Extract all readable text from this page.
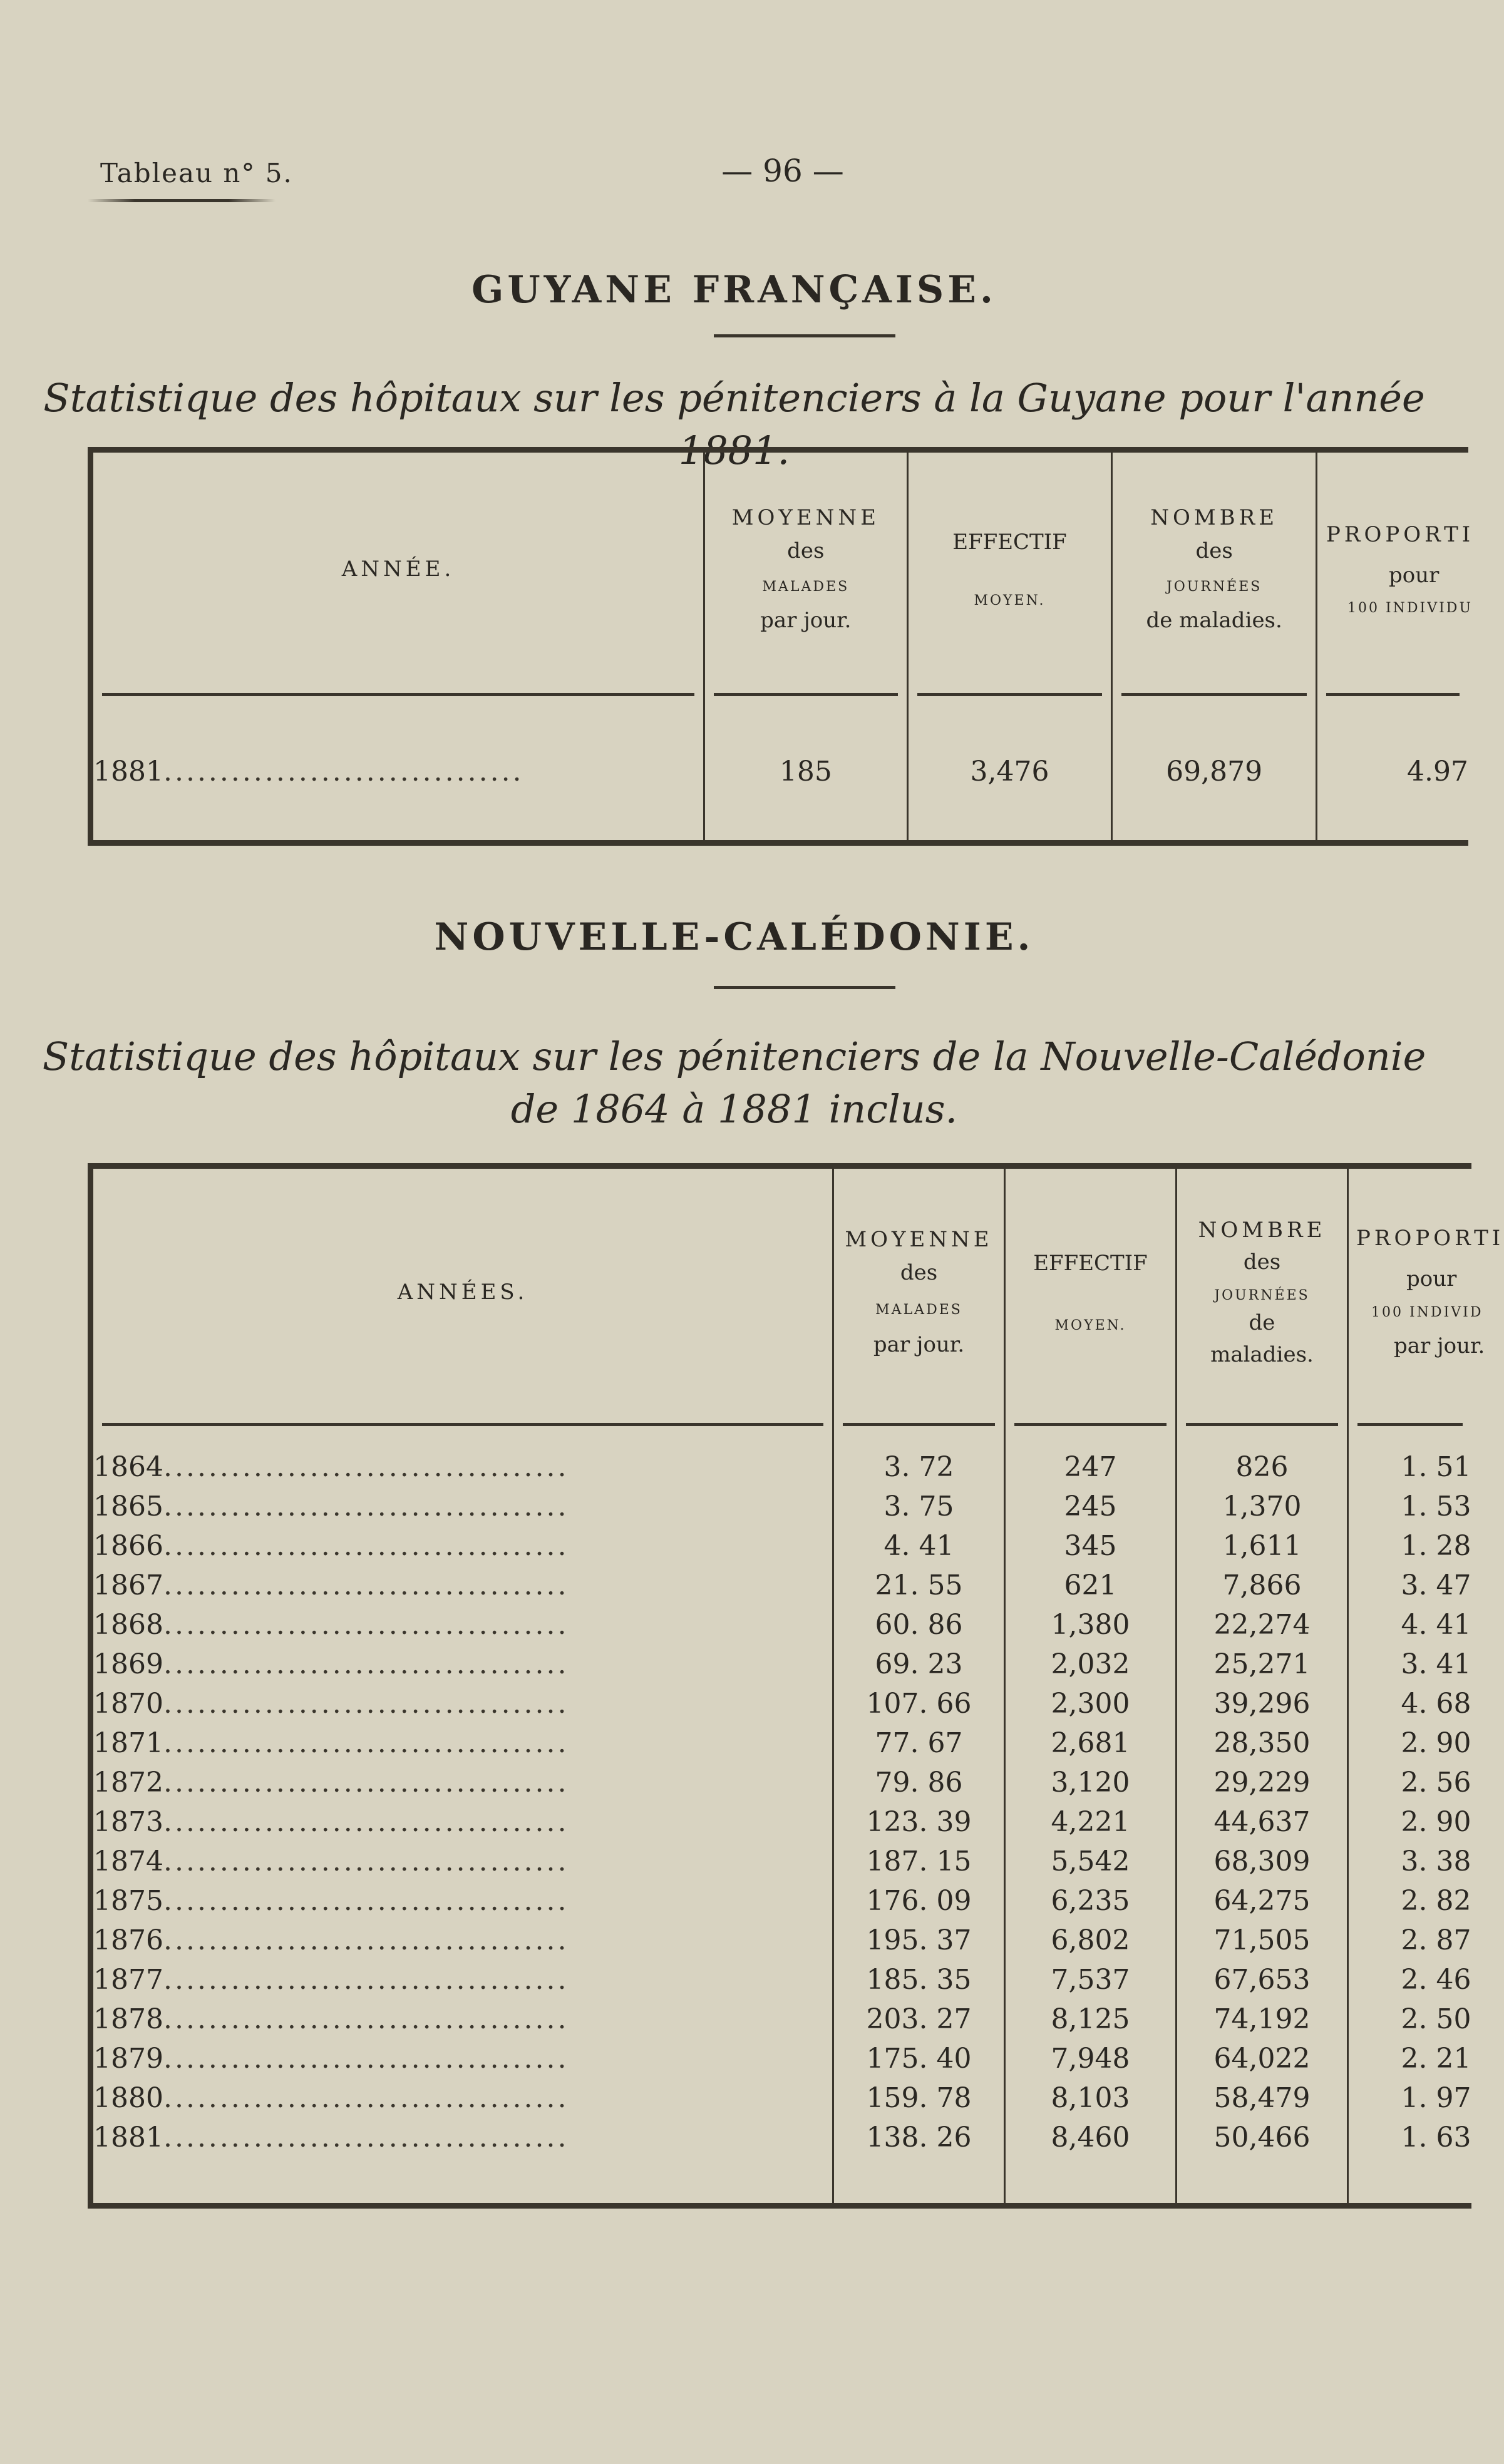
Tableau n° 5.	— 96 —
GUYANE FRANÇAISE.
Statistique des hôpitaux sur les pénitenciers à la Guyane pour l'année 1881.
ANNÉE.	MOYENNE
des
MALADES
par jour.	EFFECTIF
MOYEN.	NOMBRE
des
JOURNÉES
de maladies.	PROPORTI
pour
100 INDIVIDU

1881................................	185	3,476	69,879	4.97
NOUVELLE-CALÉDONIE.
Statistique des hôpitaux sur les pénitenciers de la Nouvelle-Calédonie
de 1864 à 1881 inclus.
ANNÉES.	MOYENNE
des
MALADES
par jour.	EFFECTIF
MOYEN.	NOMBRE
des
JOURNÉES
de
maladies.	PROPORTI
pour
100 INDIVID
par jour.

1864....................................	3. 72	247	826	1. 51
1865....................................	3. 75	245	1,370	1. 53
1866....................................	4. 41	345	1,611	1. 28
1867....................................	21. 55	621	7,866	3. 47
1868....................................	60. 86	1,380	22,274	4. 41
1869....................................	69. 23	2,032	25,271	3. 41
1870....................................	107. 66	2,300	39,296	4. 68
1871....................................	77. 67	2,681	28,350	2. 90
1872....................................	79. 86	3,120	29,229	2. 56
1873....................................	123. 39	4,221	44,637	2. 90
1874....................................	187. 15	5,542	68,309	3. 38
1875....................................	176. 09	6,235	64,275	2. 82
1876....................................	195. 37	6,802	71,505	2. 87
1877....................................	185. 35	7,537	67,653	2. 46
1878....................................	203. 27	8,125	74,192	2. 50
1879....................................	175. 40	7,948	64,022	2. 21
1880....................................	159. 78	8,103	58,479	1. 97
1881....................................	138. 26	8,460	50,466	1. 63
